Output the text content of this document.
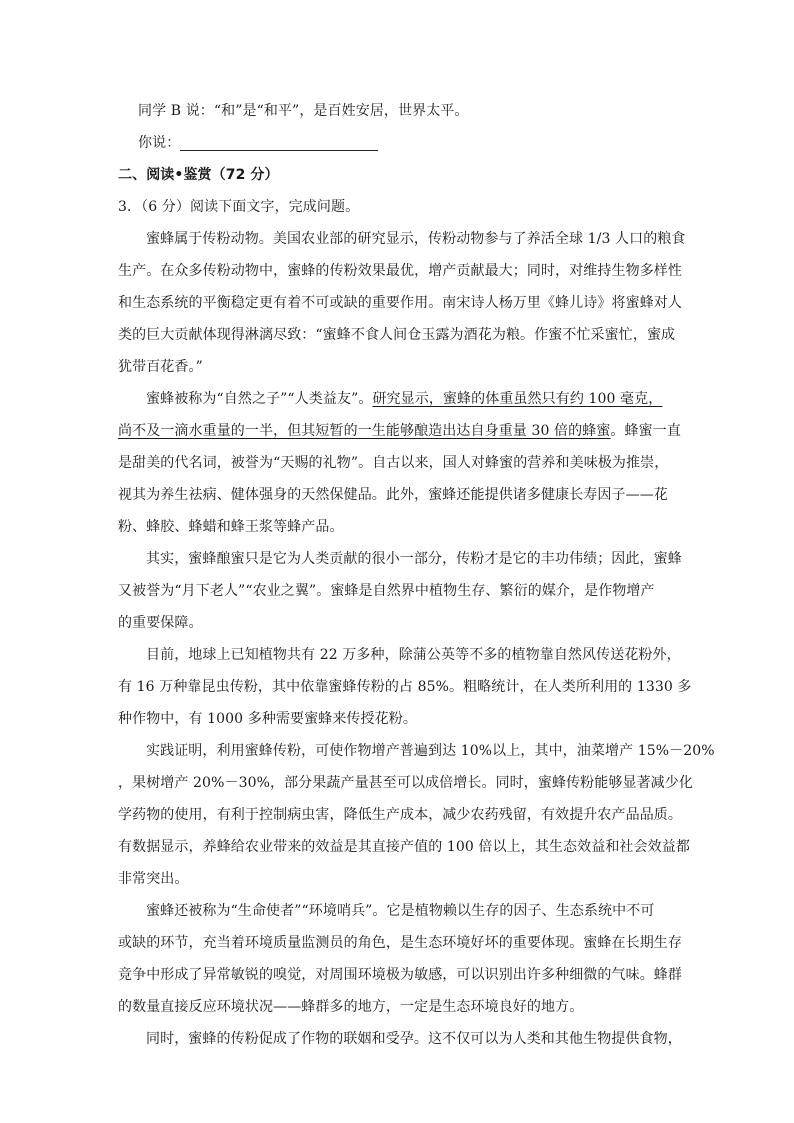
同学 B 说：“和”是“和平”，是百姓安居，世界太平。
你说：
二、阅读•鉴赏（72 分）
3．（6 分）阅读下面文字，完成问题。
蜜蜂属于传粉动物。美国农业部的研究显示，传粉动物参与了养活全球 1/3 人口的粮食
生产。在众多传粉动物中，蜜蜂的传粉效果最优，增产贡献最大；同时，对维持生物多样性
和生态系统的平衡稳定更有着不可或缺的重要作用。南宋诗人杨万里《蜂儿诗》将蜜蜂对人
类的巨大贡献体现得淋漓尽致：“蜜蜂不食人间仓玉露为酒花为粮。作蜜不忙采蜜忙，蜜成
犹带百花香。”
蜜蜂被称为“自然之子”“人类益友”。研究显示，蜜蜂的体重虽然只有约 100 毫克，
尚不及一滴水重量的一半，但其短暂的一生能够酿造出达自身重量 30 倍的蜂蜜。蜂蜜一直
是甜美的代名词，被誉为“天赐的礼物”。自古以来，国人对蜂蜜的营养和美味极为推崇，
视其为养生祛病、健体强身的天然保健品。此外，蜜蜂还能提供诸多健康长寿因子——花
粉、蜂胶、蜂蜡和蜂王浆等蜂产品。
其实，蜜蜂酿蜜只是它为人类贡献的很小一部分，传粉才是它的丰功伟绩；因此，蜜蜂
又被誉为“月下老人”“农业之翼”。蜜蜂是自然界中植物生存、繁衍的媒介，是作物增产
的重要保障。
目前，地球上已知植物共有 22 万多种，除蒲公英等不多的植物靠自然风传送花粉外，
有 16 万种靠昆虫传粉，其中依靠蜜蜂传粉的占 85%。粗略统计，在人类所利用的 1330 多
种作物中，有 1000 多种需要蜜蜂来传授花粉。
实践证明，利用蜜蜂传粉，可使作物增产普遍到达 10%以上，其中，油菜增产 15%－20%
，果树增产 20%－30%，部分果蔬产量甚至可以成倍增长。同时，蜜蜂传粉能够显著减少化
学药物的使用，有利于控制病虫害，降低生产成本，减少农药残留，有效提升农产品品质。
有数据显示，养蜂给农业带来的效益是其直接产值的 100 倍以上，其生态效益和社会效益都
非常突出。
蜜蜂还被称为“生命使者”“环境哨兵”。它是植物赖以生存的因子、生态系统中不可
或缺的环节，充当着环境质量监测员的角色，是生态环境好坏的重要体现。蜜蜂在长期生存
竞争中形成了异常敏锐的嗅觉，对周围环境极为敏感，可以识别出许多种细微的气味。蜂群
的数量直接反应环境状况——蜂群多的地方，一定是生态环境良好的地方。
同时，蜜蜂的传粉促成了作物的联姻和受孕。这不仅可以为人类和其他生物提供食物，
